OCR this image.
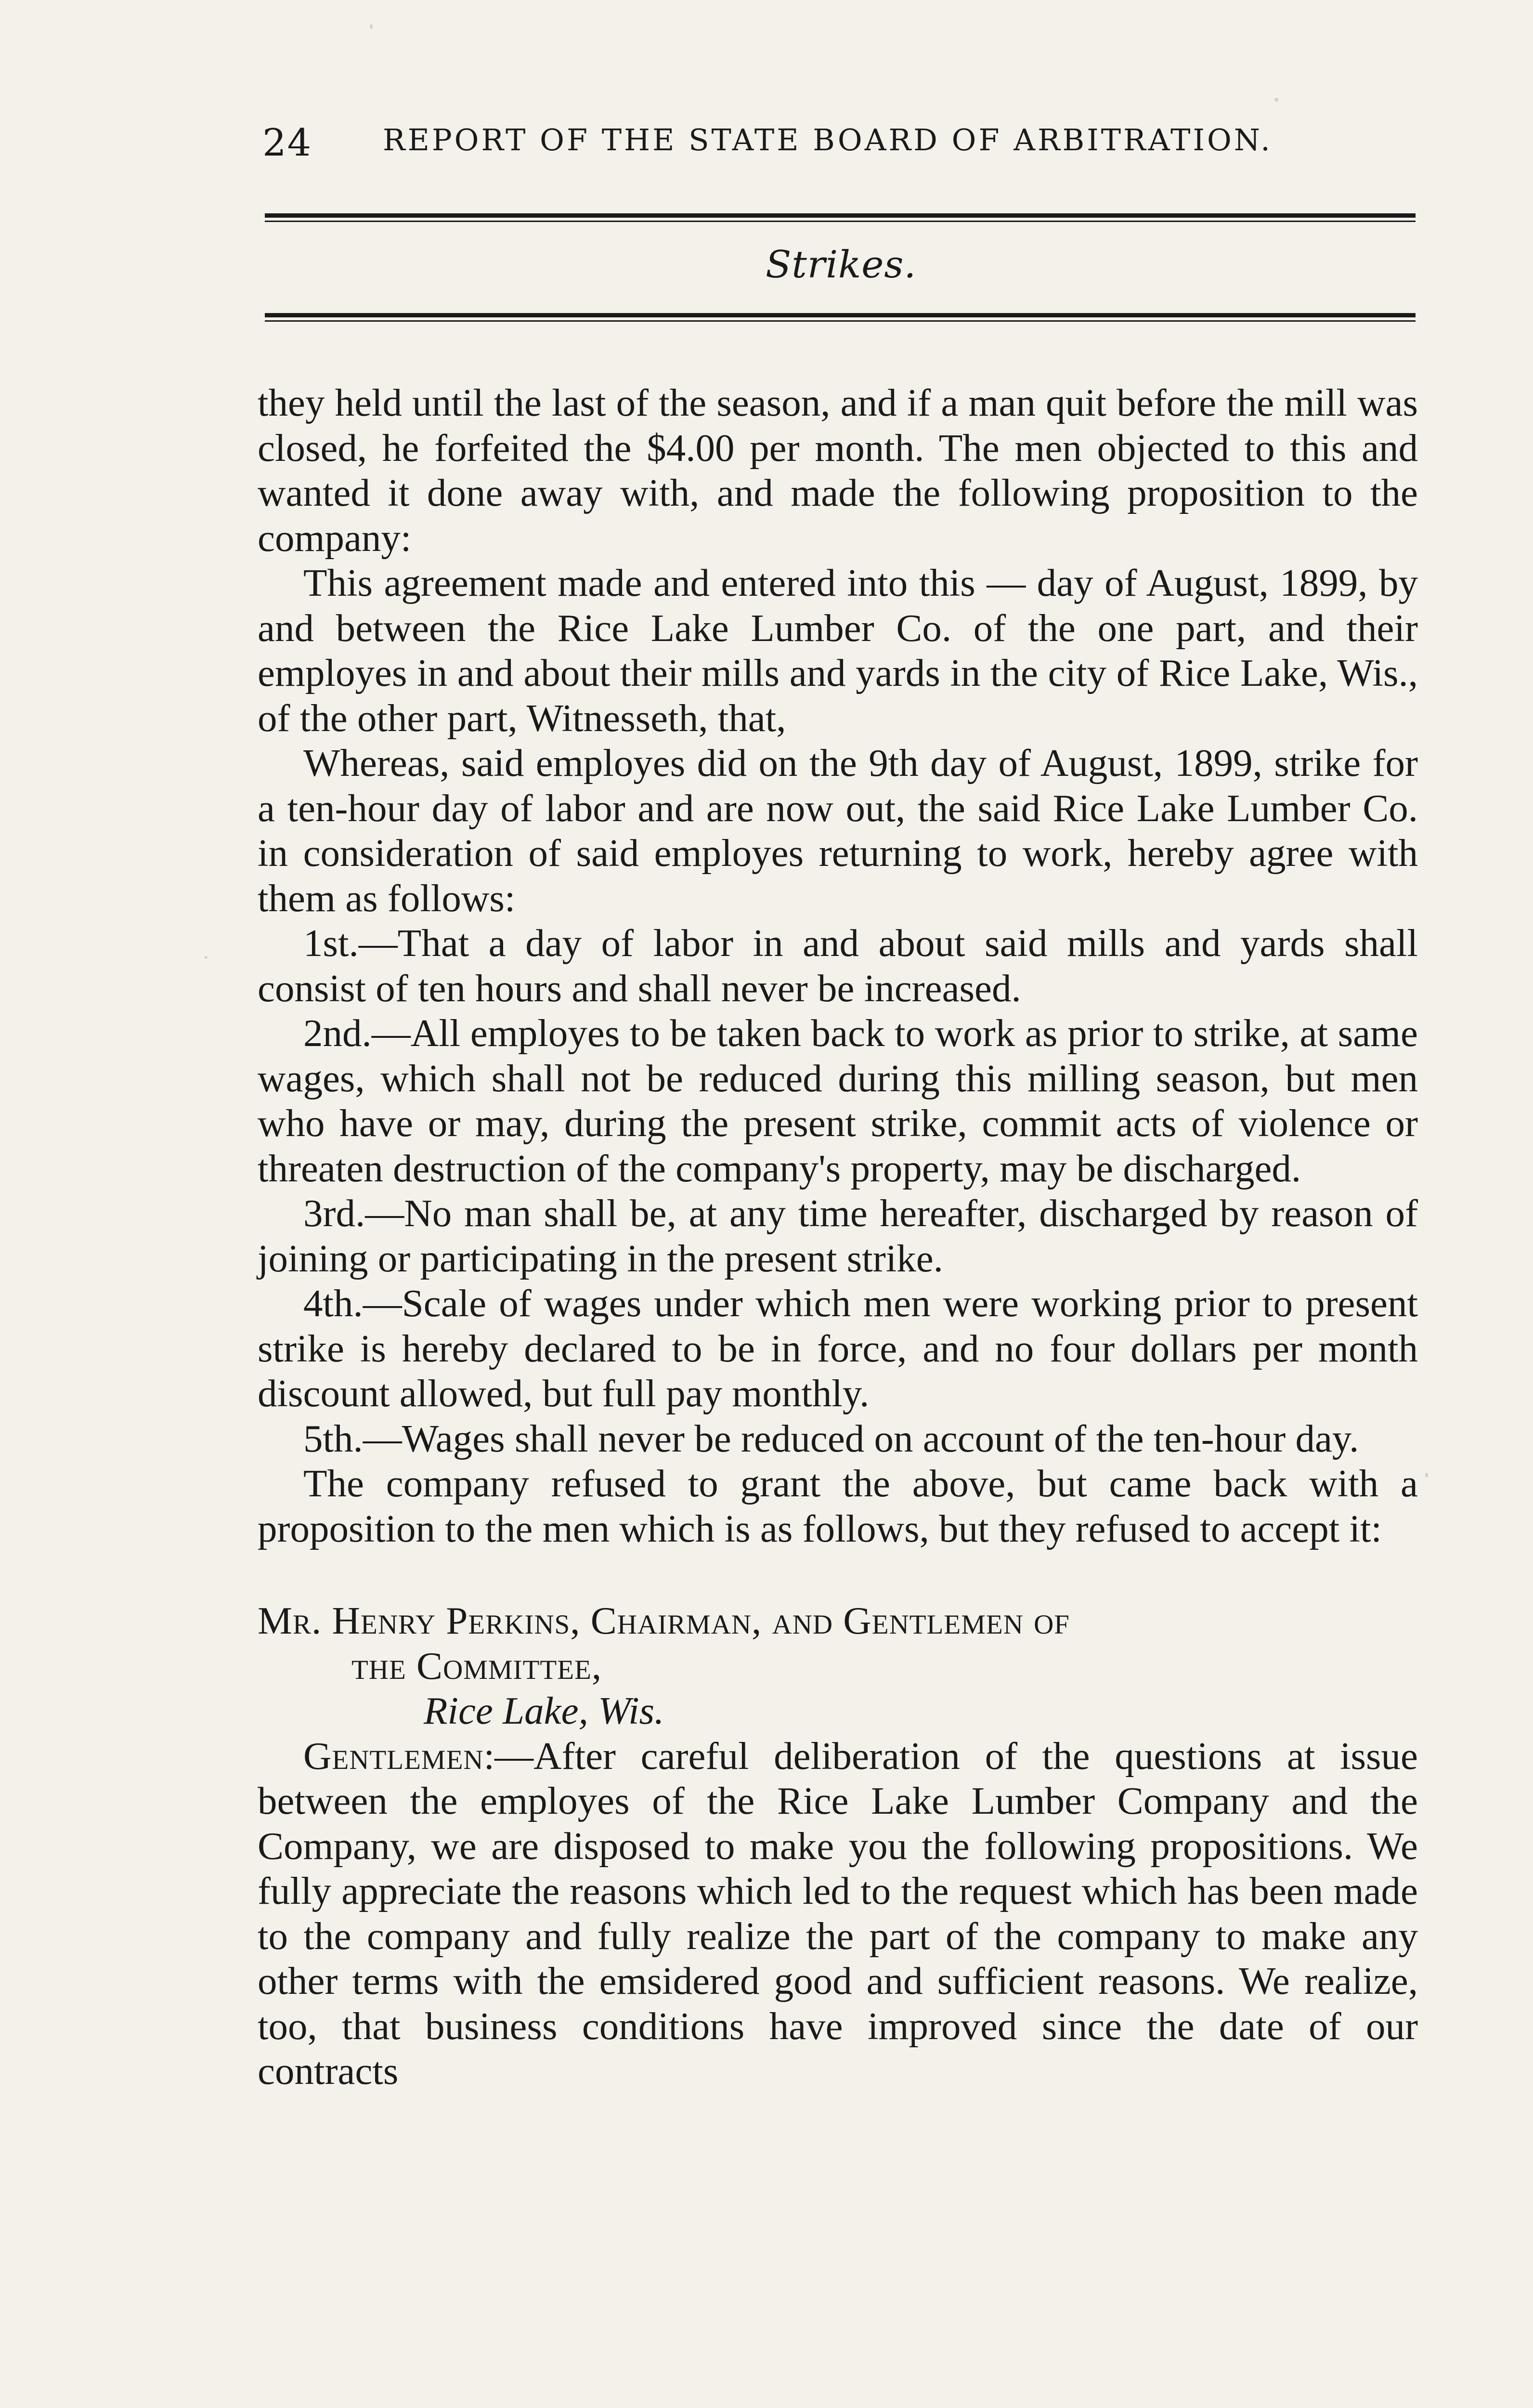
24 REPORT OF THE STATE BOARD OF ARBITRATION.
Strikes.

they held until the last of the season, and if a man quit before the mill was closed, he forfeited the $4.00 per month. The men objected to this and wanted it done away with, and made the following proposition to the company:

This agreement made and entered into this — day of August, 1899, by and between the Rice Lake Lumber Co. of the one part, and their employes in and about their mills and yards in the city of Rice Lake, Wis., of the other part, Witnesseth, that,

Whereas, said employes did on the 9th day of August, 1899, strike for a ten-hour day of labor and are now out, the said Rice Lake Lumber Co. in consideration of said employes returning to work, hereby agree with them as follows:

1st.—That a day of labor in and about said mills and yards shall consist of ten hours and shall never be increased.

2nd.—All employes to be taken back to work as prior to strike, at same wages, which shall not be reduced during this milling season, but men who have or may, during the present strike, commit acts of violence or threaten destruction of the company's property, may be discharged.

3rd.—No man shall be, at any time hereafter, discharged by reason of joining or participating in the present strike.

4th.—Scale of wages under which men were working prior to present strike is hereby declared to be in force, and no four dollars per month discount allowed, but full pay monthly.

5th.—Wages shall never be reduced on account of the ten-hour day.

The company refused to grant the above, but came back with a proposition to the men which is as follows, but they refused to accept it:

Mr. Henry Perkins, Chairman, and Gentlemen of

the Committee,

Rice Lake, Wis.

Gentlemen:—After careful deliberation of the questions at issue between the employes of the Rice Lake Lumber Company and the Company, we are disposed to make you the following propositions. We fully appreciate the reasons which led to the request which has been made to the company and fully realize the part of the company to make any other terms with the emsidered good and sufficient reasons. We realize, too, that business conditions have improved since the date of our contracts
